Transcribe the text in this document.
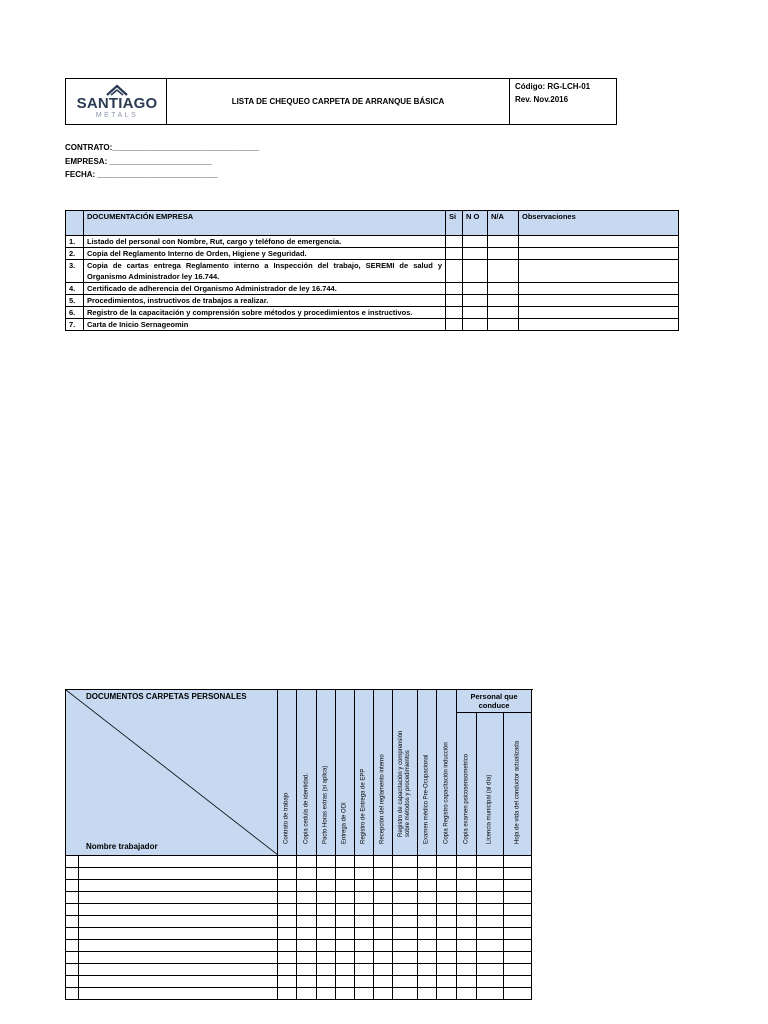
SANTIAGO
METALS
LISTA DE CHEQUEO CARPETA DE ARRANQUE BÁSICA
Código: RG-LCH-01
Rev. Nov.2016
CONTRATO:_________________________________
EMPRESA: _______________________
FECHA: ___________________________
	DOCUMENTACIÓN EMPRESA	Si	N O	N/A	Observaciones
1.	Listado del personal con Nombre, Rut, cargo y teléfono de emergencia.				
2.	Copia del Reglamento Interno de Orden, Higiene y Seguridad.				
3.	Copia de cartas entrega Reglamento interno a Inspección del trabajo, SEREMI de salud y Organismo Administrador ley 16.744.				
4.	Certificado de adherencia del Organismo Administrador de ley 16.744.				
5.	Procedimientos, instructivos de trabajos a realizar.				
6.	Registro de la capacitación y comprensión sobre métodos y procedimientos e instructivos.				
7.	Carta de Inicio Sernageomin				
DOCUMENTOS CARPETAS PERSONALES
Nombre trabajador		Contrato de trabajo	Copia cedula de identidad.	Pacto Horas extras (si aplica)	Entrega de ODI	Registro de Entrega de EPP	Recepción del reglamento interno	Registro de capacitación y comprensión sobre métodos y procedimientos	Examen médico Pre-Ocupacional	Copia Registro capacitación inducción	Personal que conduce			

											Copia examen psicosensometrico	Licencia municipal (al día)	Hoja de vida del conductor actualizada
